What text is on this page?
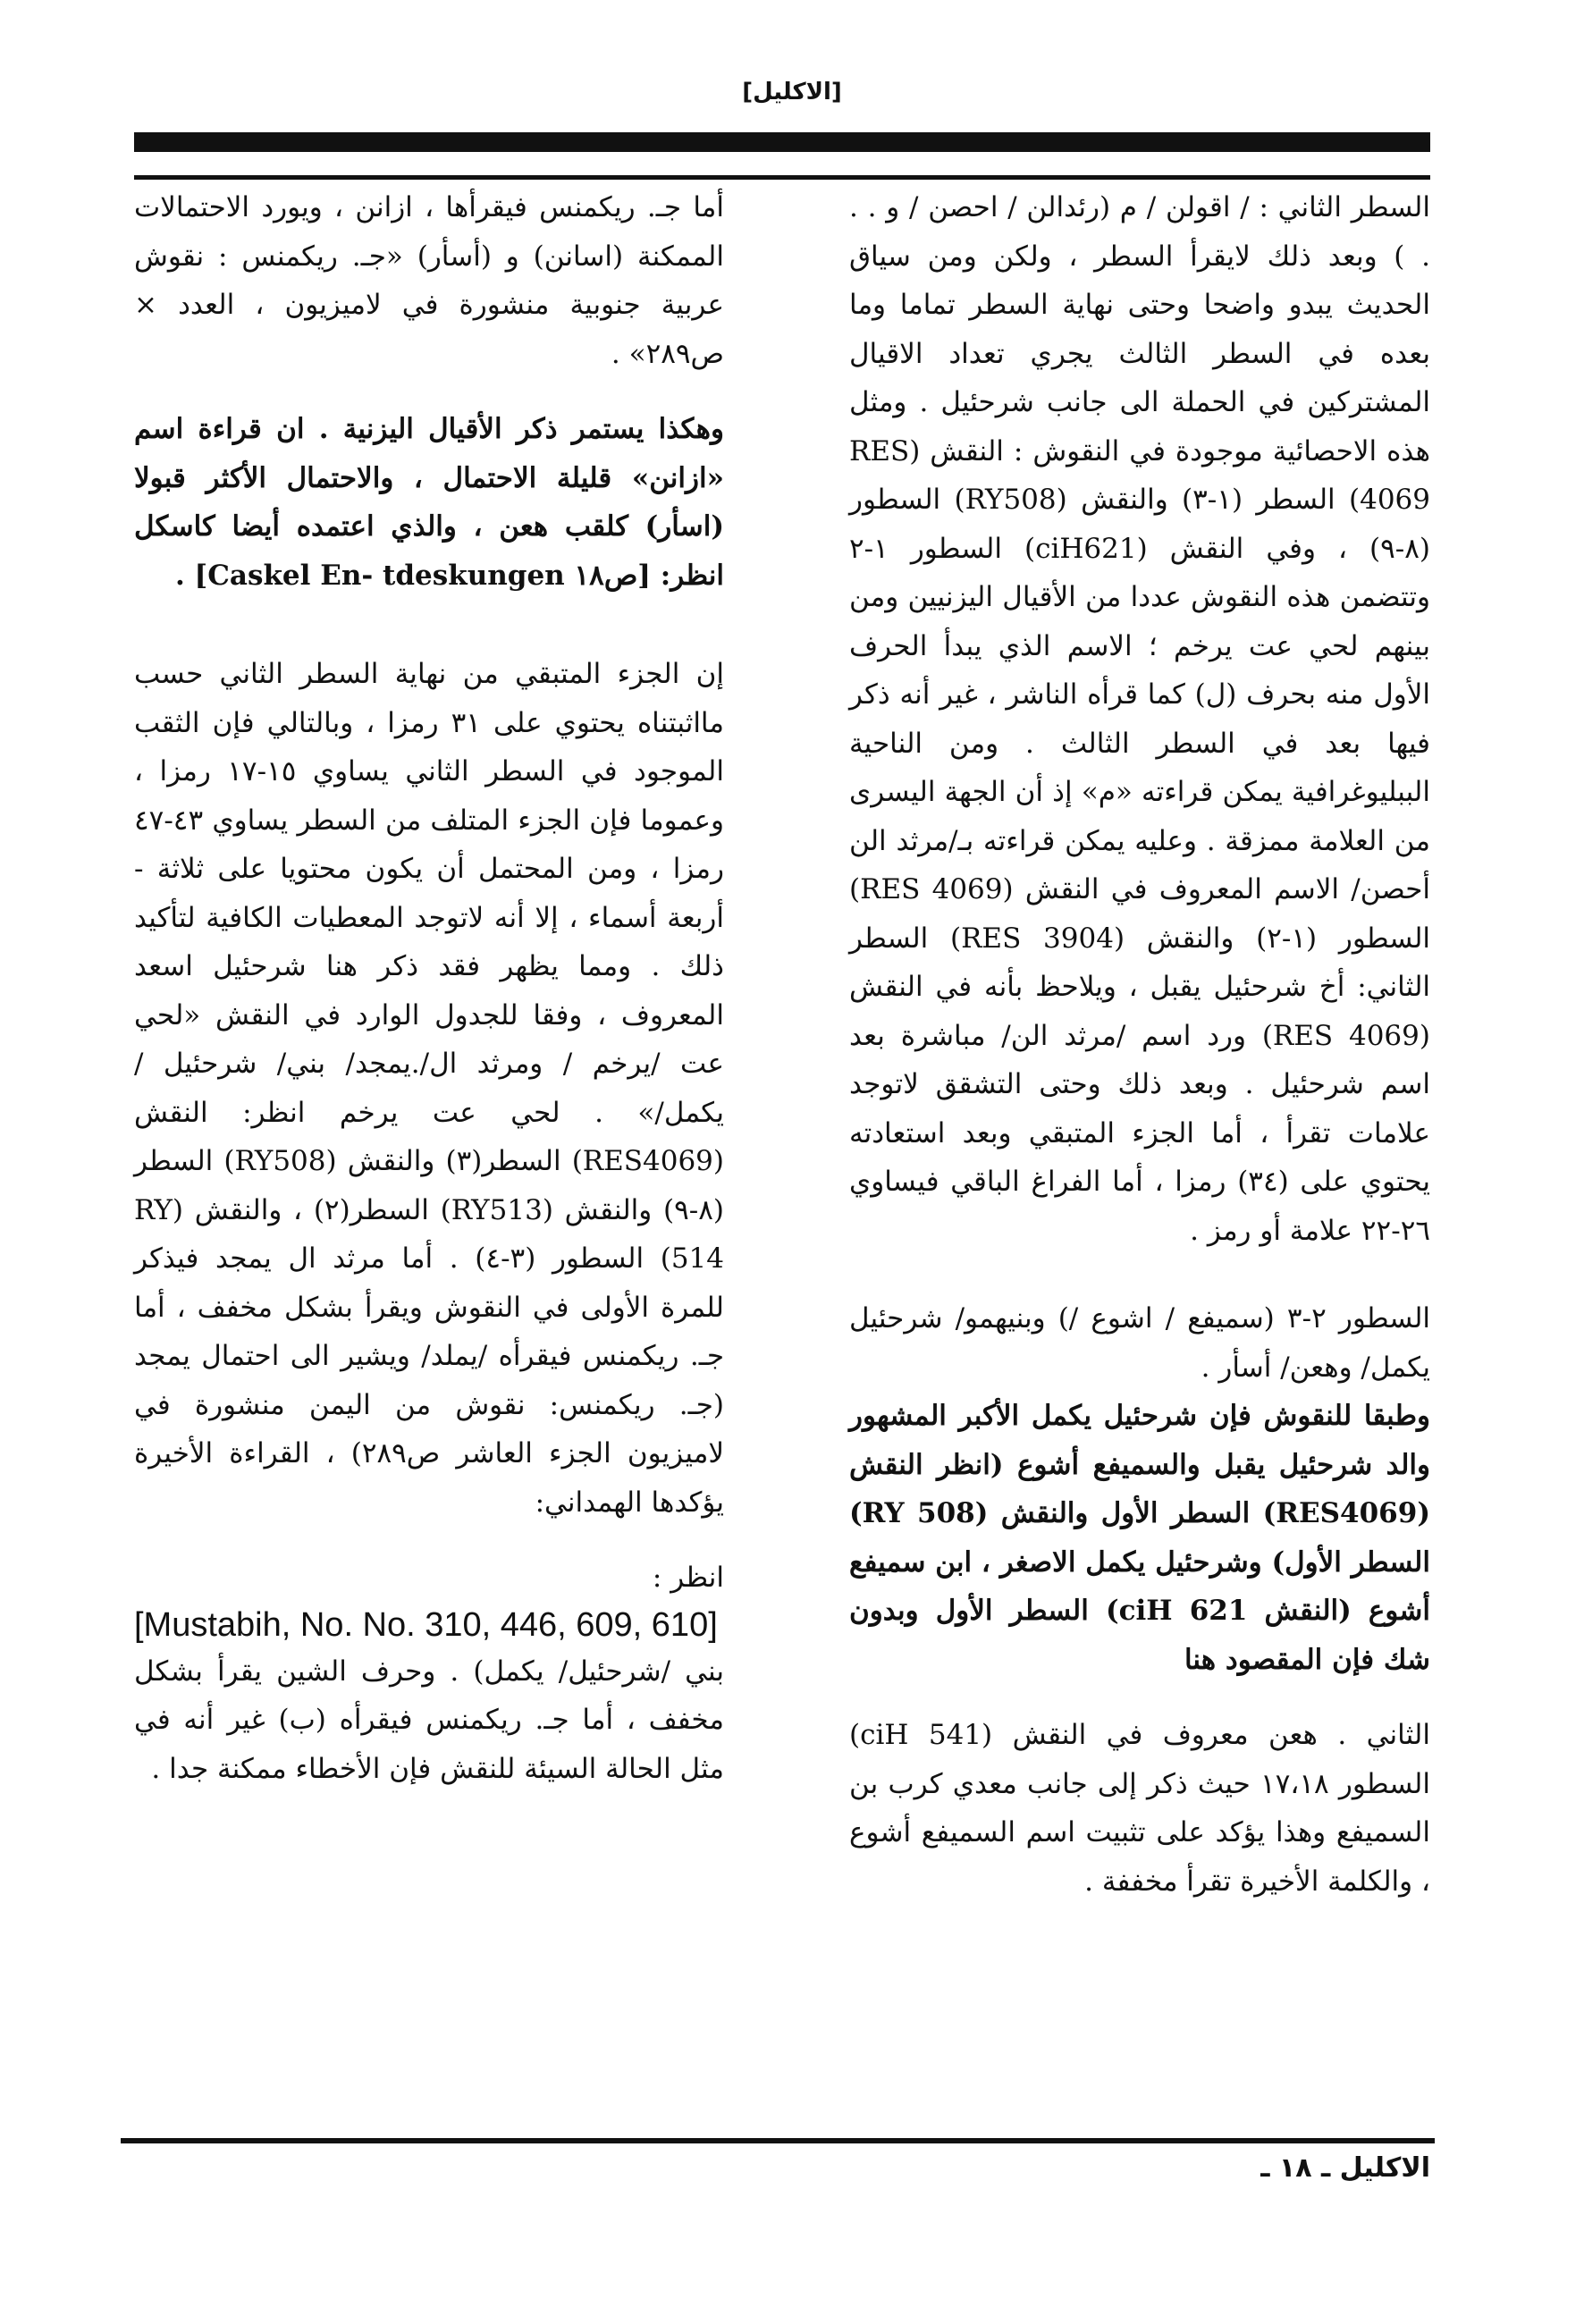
[الاكليل]

السطر الثاني : / اقولن / م (رئدالن / احصن / و . . . ) وبعد ذلك لايقرأ السطر ، ولكن ومن سياق الحديث يبدو واضحا وحتى نهاية السطر تماما وما بعده في السطر الثالث يجري تعداد الاقيال المشتركين في الحملة الى جانب شرحئيل . ومثل هذه الاحصائية موجودة في النقوش : النقش (RES 4069) السطر (١-٣) والنقش (RY508) السطور (٨-٩) ، وفي النقش (ciH621) السطور ١-٢ وتتضمن هذه النقوش عددا من الأقيال اليزنيين ومن بينهم لحي عت يرخم ؛ الاسم الذي يبدأ الحرف الأول منه بحرف (ل) كما قرأه الناشر ، غير أنه ذكر فيها بعد في السطر الثالث . ومن الناحية الببليوغرافية يمكن قراءته «م» إذ أن الجهة اليسرى من العلامة ممزقة . وعليه يمكن قراءته بـ/مرثد الن أحصن/ الاسم المعروف في النقش (RES 4069) السطور (١-٢) والنقش (RES 3904) السطر الثاني: أخ شرحئيل يقبل ، ويلاحظ بأنه في النقش (RES 4069) ورد اسم /مرثد الن/ مباشرة بعد اسم شرحئيل . وبعد ذلك وحتى التشقق لاتوجد علامات تقرأ ، أما الجزء المتبقي وبعد استعادته يحتوي على (٣٤) رمزا ، أما الفراغ الباقي فيساوي ٢٦-٢٢ علامة أو رمز .

السطور ٢-٣ (سميفع / اشوع /) وبنيهمو/ شرحئيل يكمل/ وهعن/ أسأر .

وطبقا للنقوش فإن شرحئيل يكمل الأكبر المشهور والد شرحئيل يقبل والسميفع أشوع (انظر النقش (RES4069) السطر الأول والنقش (RY 508) السطر الأول) وشرحئيل يكمل الاصغر ، ابن سميفع أشوع (النقش ciH 621) السطر الأول وبدون شك فإن المقصود هنا

الثاني . هعن معروف في النقش (ciH 541) السطور ١٧،١٨ حيث ذكر إلى جانب معدي كرب بن السميفع وهذا يؤكد على تثبيت اسم السميفع أشوع ، والكلمة الأخيرة تقرأ مخففة .

أما جـ. ريكمنس فيقرأها ، ازانن ، ويورد الاحتمالات الممكنة (اسانن) و (أسأر) «جـ. ريكمنس : نقوش عربية جنوبية منشورة في لاميزيون ، العدد × ص٢٨٩» .

وهكذا يستمر ذكر الأقيال اليزنية . ان قراءة اسم «ازانن» قليلة الاحتمال ، والاحتمال الأكثر قبولا (اسأر) كلقب هعن ، والذي اعتمده أيضا كاسكل انظر: [ص١٨ Caskel En- tdeskungen] .

إن الجزء المتبقي من نهاية السطر الثاني حسب مااثبتناه يحتوي على ٣١ رمزا ، وبالتالي فإن الثقب الموجود في السطر الثاني يساوي ١٥-١٧ رمزا ، وعموما فإن الجزء المتلف من السطر يساوي ٤٣-٤٧ رمزا ، ومن المحتمل أن يكون محتويا على ثلاثة - أربعة أسماء ، إلا أنه لاتوجد المعطيات الكافية لتأكيد ذلك . ومما يظهر فقد ذكر هنا شرحئيل اسعد المعروف ، وفقا للجدول الوارد في النقش «لحي عت /يرخم / ومرثد ال/.يمجد/ بني/ شرحئيل /يكمل/» . لحي عت يرخم انظر: النقش (RES4069) السطر(٣) والنقش (RY508) السطر (٨-٩) والنقش (RY513) السطر(٢) ، والنقش (RY 514) السطور (٣-٤) . أما مرثد ال يمجد فيذكر للمرة الأولى في النقوش ويقرأ بشكل مخفف ، أما جـ. ريكمنس فيقرأه /يملد/ ويشير الى احتمال يمجد (جـ. ريكمنس: نقوش من اليمن منشورة في لاميزيون الجزء العاشر ص٢٨٩) ، القراءة الأخيرة يؤكدها الهمداني:

انظر :

[Mustabih, No. No. 310, 446, 609, 610]

بني /شرحئيل/ يكمل) . وحرف الشين يقرأ بشكل مخفف ، أما جـ. ريكمنس فيقرأه (ب) غير أنه في مثل الحالة السيئة للنقش فإن الأخطاء ممكنة جدا .

الاكليل ـ ١٨ ـ
